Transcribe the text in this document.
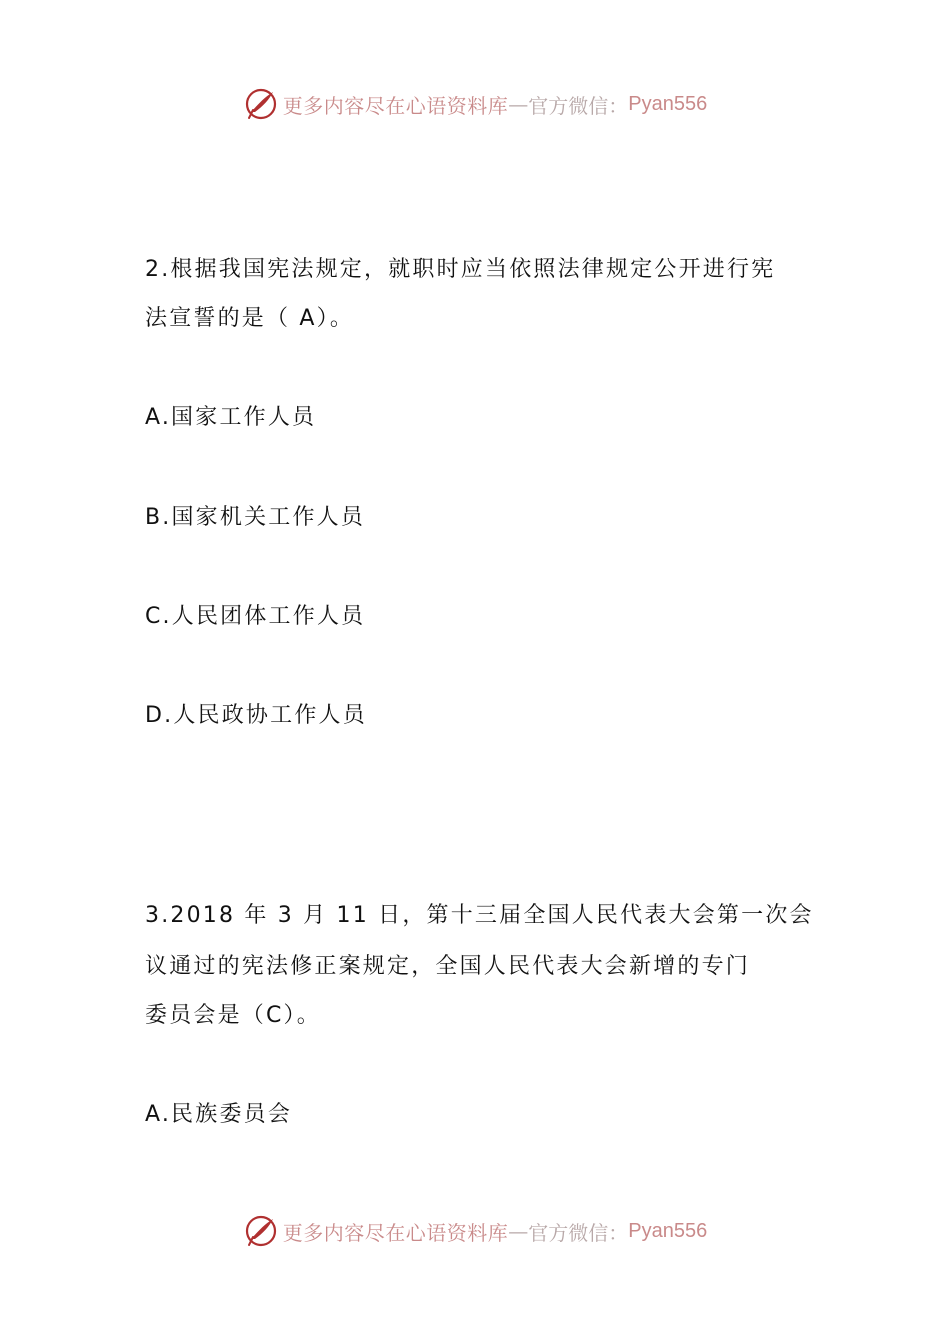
更多内容尽在心语资料库 — 官方微信： Pyan556
2.根据我国宪法规定，就职时应当依照法律规定公开进行宪
法宣誓的是（ A）。
A.国家工作人员
B.国家机关工作人员
C.人民团体工作人员
D.人民政协工作人员
3.2018 年 3 月 11 日，第十三届全国人民代表大会第一次会
议通过的宪法修正案规定，全国人民代表大会新增的专门
委员会是（C）。
A.民族委员会
更多内容尽在心语资料库 — 官方微信： Pyan556
